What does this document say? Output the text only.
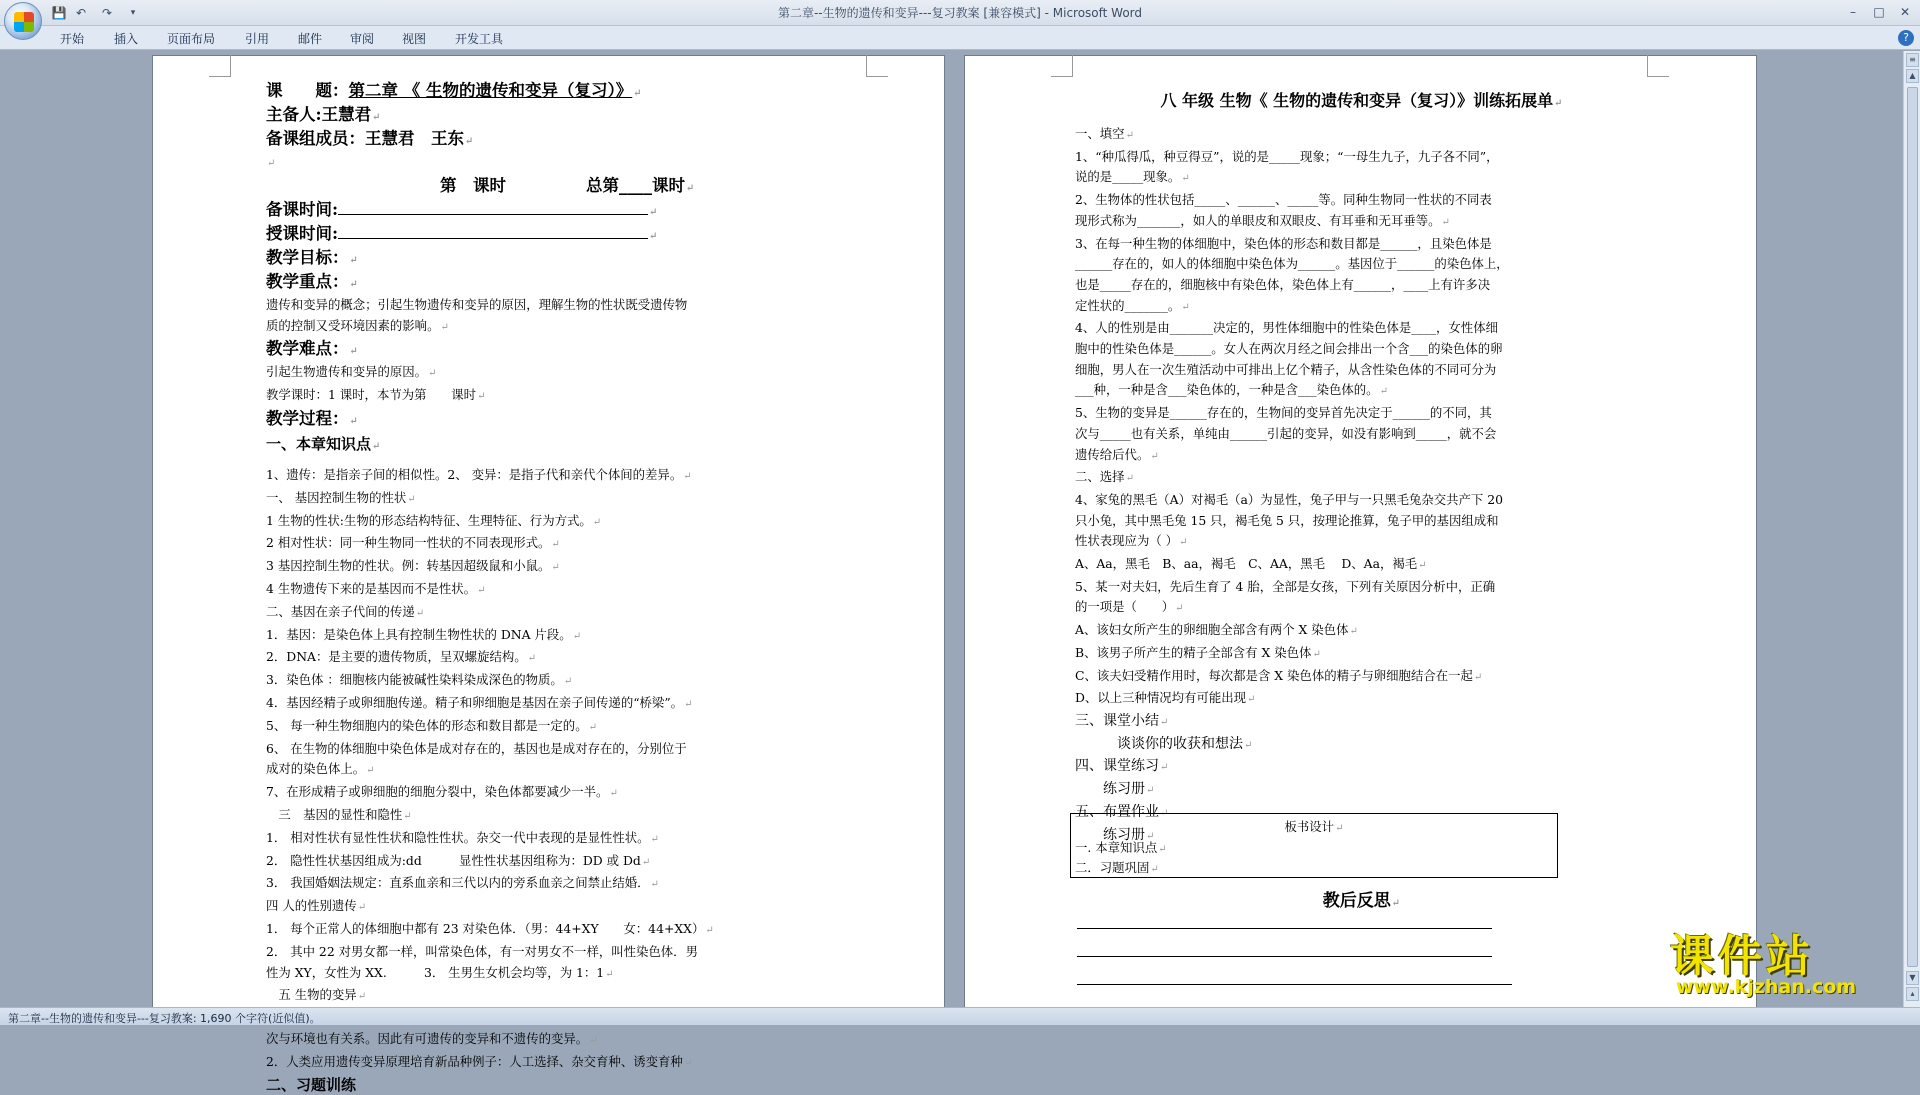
💾 ↶	↷	▾	第二章--生物的遗传和变异---复习教案 [兼容模式] - Microsoft Word	–	□	✕
开始 插入 页面布局 引用 邮件 审阅 视图 开发工具	?
课　　题：第二章 《 生物的遗传和变异（复习）》↵
主备人:王慧君↵
备课组成员：王慧君　王东↵
↵
第　课时	总第____课时↵
备课时间:	↵
授课时间:	↵
教学目标：↵
教学重点：↵
遗传和变异的概念；引起生物遗传和变异的原因，理解生物的性状既受遗传物
质的控制又受环境因素的影响。↵
教学难点：↵
引起生物遗传和变异的原因。↵
教学课时：1 课时，本节为第　　课时↵
教学过程：↵
一、本章知识点↵
1、遗传：是指亲子间的相似性。2、 变异：是指子代和亲代个体间的差异。↵
一、 基因控制生物的性状↵
1 生物的性状:生物的形态结构特征、生理特征、行为方式。↵
2 相对性状：同一种生物同一性状的不同表现形式。↵
3 基因控制生物的性状。例：转基因超级鼠和小鼠。↵
4 生物遗传下来的是基因而不是性状。↵
二、基因在亲子代间的传递↵
1．基因：是染色体上具有控制生物性状的 DNA 片段。↵
2．DNA：是主要的遗传物质，呈双螺旋结构。↵
3．染色体 ：细胞核内能被碱性染料染成深色的物质。↵
4．基因经精子或卵细胞传递。精子和卵细胞是基因在亲子间传递的“桥梁”。↵
5、 每一种生物细胞内的染色体的形态和数目都是一定的。↵
6、 在生物的体细胞中染色体是成对存在的，基因也是成对存在的，分别位于
成对的染色体上。↵
7、在形成精子或卵细胞的细胞分裂中，染色体都要减少一半。↵
　三　基因的显性和隐性↵
1． 相对性状有显性性状和隐性性状。杂交一代中表现的是显性性状。↵
2． 隐性性状基因组成为:dd　　　显性性状基因组称为：DD 或 Dd↵
3． 我国婚姻法规定：直系血亲和三代以内的旁系血亲之间禁止结婚．↵
四 人的性别遗传↵
1． 每个正常人的体细胞中都有 23 对染色体．（男：44+XY　　女：44+XX）↵
2． 其中 22 对男女都一样，叫常染色体，有一对男女不一样，叫性染色体．男
性为 XY，女性为 XX.　　　3． 生男生女机会均等，为 1：1↵
　五 生物的变异↵
次与环境也有关系。因此有可遗传的变异和不遗传的变异。↵
2．人类应用遗传变异原理培育新品种例子：人工选择、杂交育种、诱变育种↵
二、习题训练
八 年级 生物《 生物的遗传和变异（复习）》训练拓展单↵
一、填空↵
1、“种瓜得瓜，种豆得豆”，说的是_____现象；“一母生九子，九子各不同”，
说的是_____现象。↵
2、生物体的性状包括_____、______、_____等。同种生物同一性状的不同表
现形式称为_______，如人的单眼皮和双眼皮、有耳垂和无耳垂等。↵
3、在每一种生物的体细胞中，染色体的形态和数目都是______，且染色体是
______存在的，如人的体细胞中染色体为______。基因位于______的染色体上，
也是_____存在的，细胞核中有染色体，染色体上有______，____上有许多决
定性状的_______。↵
4、人的性别是由_______决定的，男性体细胞中的性染色体是____，女性体细
胞中的性染色体是______。女人在两次月经之间会排出一个含___的染色体的卵
细胞，男人在一次生殖活动中可排出上亿个精子，从含性染色体的不同可分为
___种，一种是含___染色体的，一种是含___染色体的。↵
5、生物的变异是______存在的，生物间的变异首先决定于______的不同，其
次与_____也有关系，单纯由______引起的变异，如没有影响到_____，就不会
遗传给后代。↵
二、选择↵
4、家兔的黑毛（A）对褐毛（a）为显性，兔子甲与一只黑毛兔杂交共产下 20
只小兔，其中黑毛兔 15 只，褐毛兔 5 只，按理论推算，兔子甲的基因组成和
性状表现应为（ ）↵
A、Aa，黑毛　B、aa，褐毛　C、AA，黑毛　 D、Aa，褐毛↵
5、某一对夫妇，先后生育了 4 胎，全部是女孩，下列有关原因分析中，正确
的一项是（　　）↵
A、该妇女所产生的卵细胞全部含有两个 X 染色体↵
B、该男子所产生的精子全部含有 X 染色体↵
C、该夫妇受精作用时，每次都是含 X 染色体的精子与卵细胞结合在一起↵
D、以上三种情况均有可能出现↵
三、课堂小结↵
　　　谈谈你的收获和想法↵
四、课堂练习↵
　　练习册↵
五、布置作业↵
　　练习册↵
板书设计↵
一. 本章知识点↵
二．习题巩固↵
教后反思↵
≡
▲
▼
▴
课件站
www.kjzhan.com
第二章--生物的遗传和变异---复习教案: 1,690 个字符(近似值)。
